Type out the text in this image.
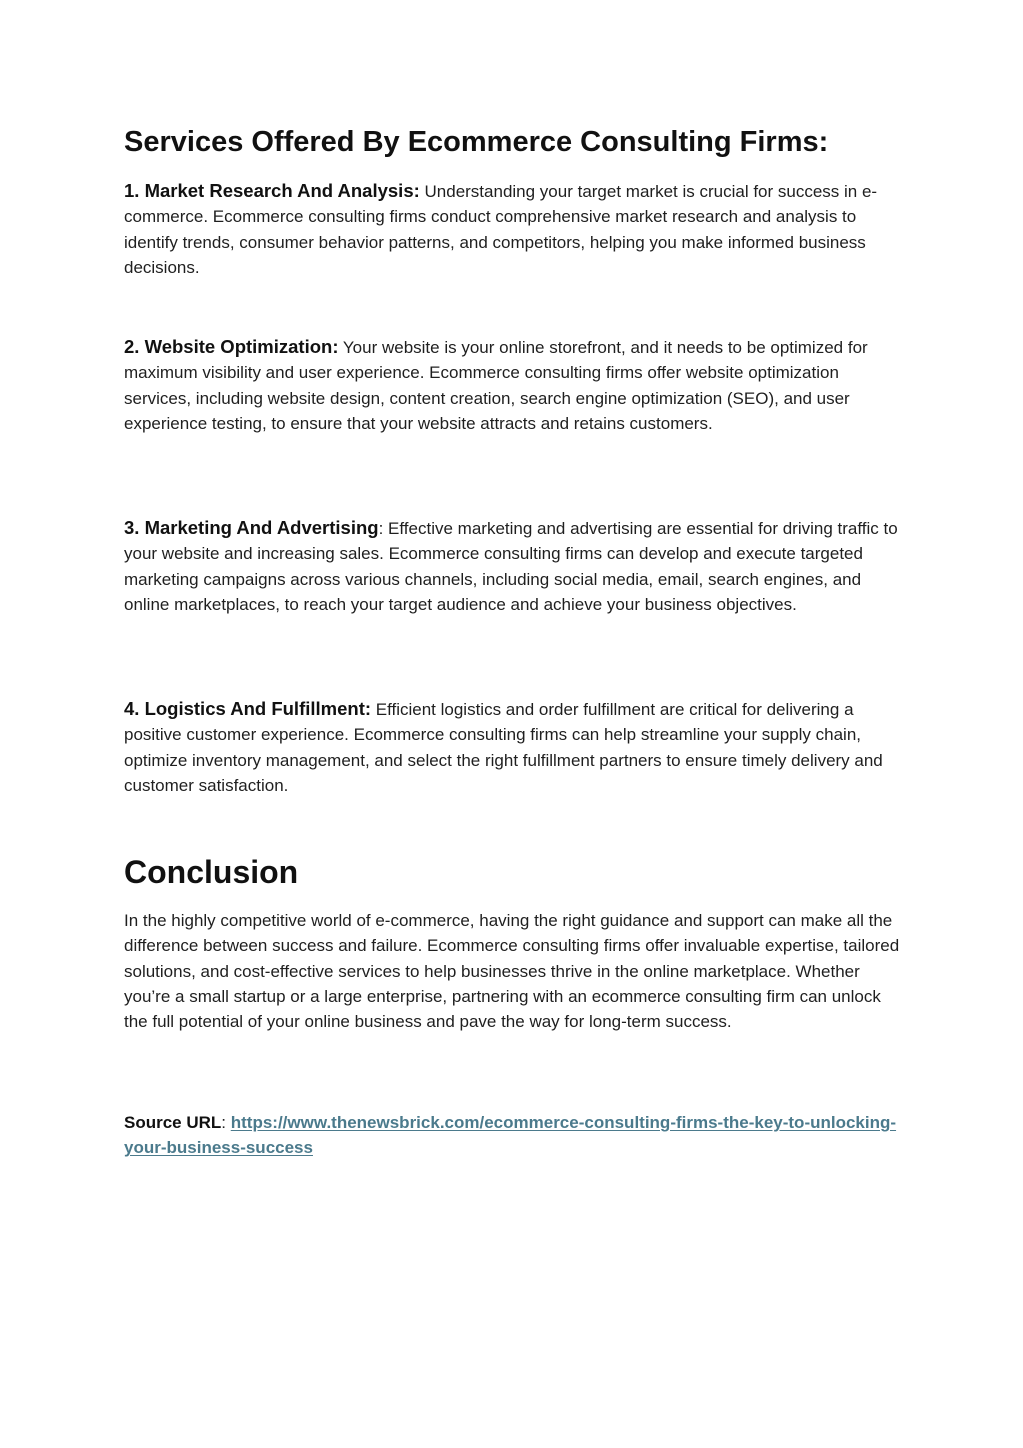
Services Offered By Ecommerce Consulting Firms:

1. Market Research And Analysis: Understanding your target market is crucial for success in e-commerce. Ecommerce consulting firms conduct comprehensive market research and analysis to identify trends, consumer behavior patterns, and competitors, helping you make informed business decisions.

2. Website Optimization: Your website is your online storefront, and it needs to be optimized for maximum visibility and user experience. Ecommerce consulting firms offer website optimization services, including website design, content creation, search engine optimization (SEO), and user experience testing, to ensure that your website attracts and retains customers.

3. Marketing And Advertising: Effective marketing and advertising are essential for driving traffic to your website and increasing sales. Ecommerce consulting firms can develop and execute targeted marketing campaigns across various channels, including social media, email, search engines, and online marketplaces, to reach your target audience and achieve your business objectives.

4. Logistics And Fulfillment: Efficient logistics and order fulfillment are critical for delivering a positive customer experience. Ecommerce consulting firms can help streamline your supply chain, optimize inventory management, and select the right fulfillment partners to ensure timely delivery and customer satisfaction.

Conclusion

In the highly competitive world of e-commerce, having the right guidance and support can make all the difference between success and failure. Ecommerce consulting firms offer invaluable expertise, tailored solutions, and cost-effective services to help businesses thrive in the online marketplace. Whether you’re a small startup or a large enterprise, partnering with an ecommerce consulting firm can unlock the full potential of your online business and pave the way for long-term success.

Source URL: https://www.thenewsbrick.com/ecommerce-consulting-firms-the-key-to-unlocking-your-business-success
